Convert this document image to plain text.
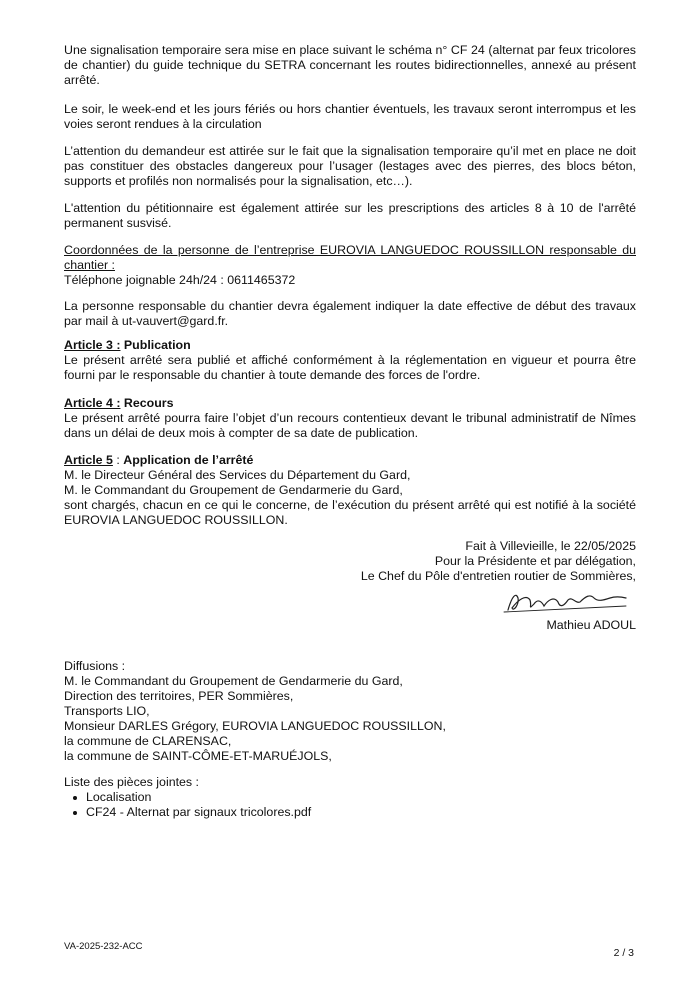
Une signalisation temporaire sera mise en place suivant le schéma n° CF 24 (alternat par feux tricolores de chantier) du guide technique du SETRA concernant les routes bidirectionnelles, annexé au présent arrêté.

Le soir, le week-end et les jours fériés ou hors chantier éventuels, les travaux seront interrompus et les voies seront rendues à la circulation

L’attention du demandeur est attirée sur le fait que la signalisation temporaire qu’il met en place ne doit pas constituer des obstacles dangereux pour l’usager (lestages avec des pierres, des blocs béton, supports et profilés non normalisés pour la signalisation, etc…).

L'attention du pétitionnaire est également attirée sur les prescriptions des articles 8 à 10 de l'arrêté permanent susvisé.

Coordonnées de la personne de l’entreprise EUROVIA LANGUEDOC ROUSSILLON responsable du chantier :
Téléphone joignable 24h/24 : 0611465372

La personne responsable du chantier devra également indiquer la date effective de début des travaux par mail à ut-vauvert@gard.fr.

Article 3 : Publication
Le présent arrêté sera publié et affiché conformément à la réglementation en vigueur et pourra être fourni par le responsable du chantier à toute demande des forces de l'ordre.
Article 4 : Recours
Le présent arrêté pourra faire l’objet d’un recours contentieux devant le tribunal administratif de Nîmes dans un délai de deux mois à compter de sa date de publication.
Article 5 : Application de l’arrêté
M. le Directeur Général des Services du Département du Gard,
M. le Commandant du Groupement de Gendarmerie du Gard,
sont chargés, chacun en ce qui le concerne, de l’exécution du présent arrêté qui est notifié à la société EUROVIA LANGUEDOC ROUSSILLON.
Fait à Villevieille, le 22/05/2025
Pour la Présidente et par délégation,
Le Chef du Pôle d'entretien routier de Sommières,
Mathieu ADOUL
Diffusions :
M. le Commandant du Groupement de Gendarmerie du Gard,
Direction des territoires, PER Sommières,
Transports LIO,
Monsieur DARLES Grégory, EUROVIA LANGUEDOC ROUSSILLON,
la commune de CLARENSAC,
la commune de SAINT-CÔME-ET-MARUÉJOLS,
Liste des pièces jointes :
Localisation
CF24 - Alternat par signaux tricolores.pdf
VA-2025-232-ACC
2 / 3
